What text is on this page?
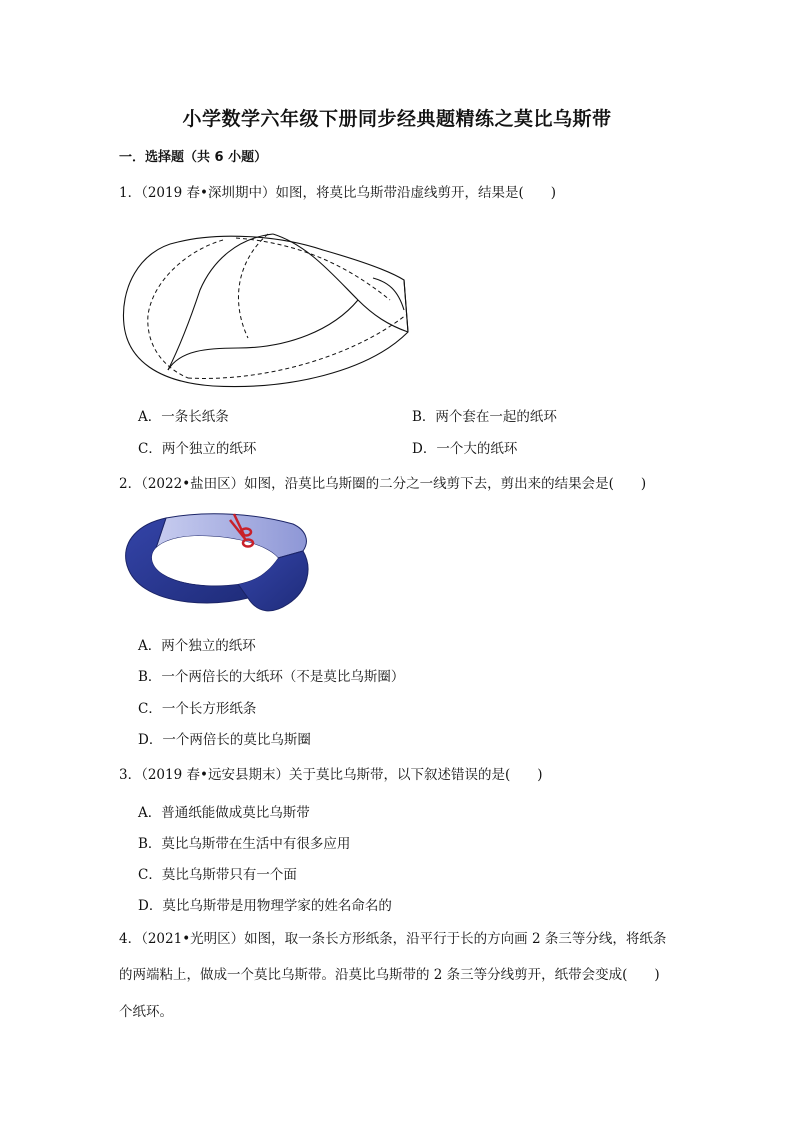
小学数学六年级下册同步经典题精练之莫比乌斯带
一．选择题（共 6 小题）
1．（2019 春•深圳期中）如图，将莫比乌斯带沿虚线剪开，结果是(　　)
A．一条长纸条	B．两个套在一起的纸环
C．两个独立的纸环	D．一个大的纸环
2．（2022•盐田区）如图，沿莫比乌斯圈的二分之一线剪下去，剪出来的结果会是(　　)
A．两个独立的纸环
B．一个两倍长的大纸环（不是莫比乌斯圈）
C．一个长方形纸条
D．一个两倍长的莫比乌斯圈
3．（2019 春•远安县期末）关于莫比乌斯带，以下叙述错误的是(　　)
A．普通纸能做成莫比乌斯带
B．莫比乌斯带在生活中有很多应用
C．莫比乌斯带只有一个面
D．莫比乌斯带是用物理学家的姓名命名的
4．（2021•光明区）如图，取一条长方形纸条，沿平行于长的方向画 2 条三等分线，将纸条
的两端粘上，做成一个莫比乌斯带。沿莫比乌斯带的 2 条三等分线剪开，纸带会变成(　　)
个纸环。
